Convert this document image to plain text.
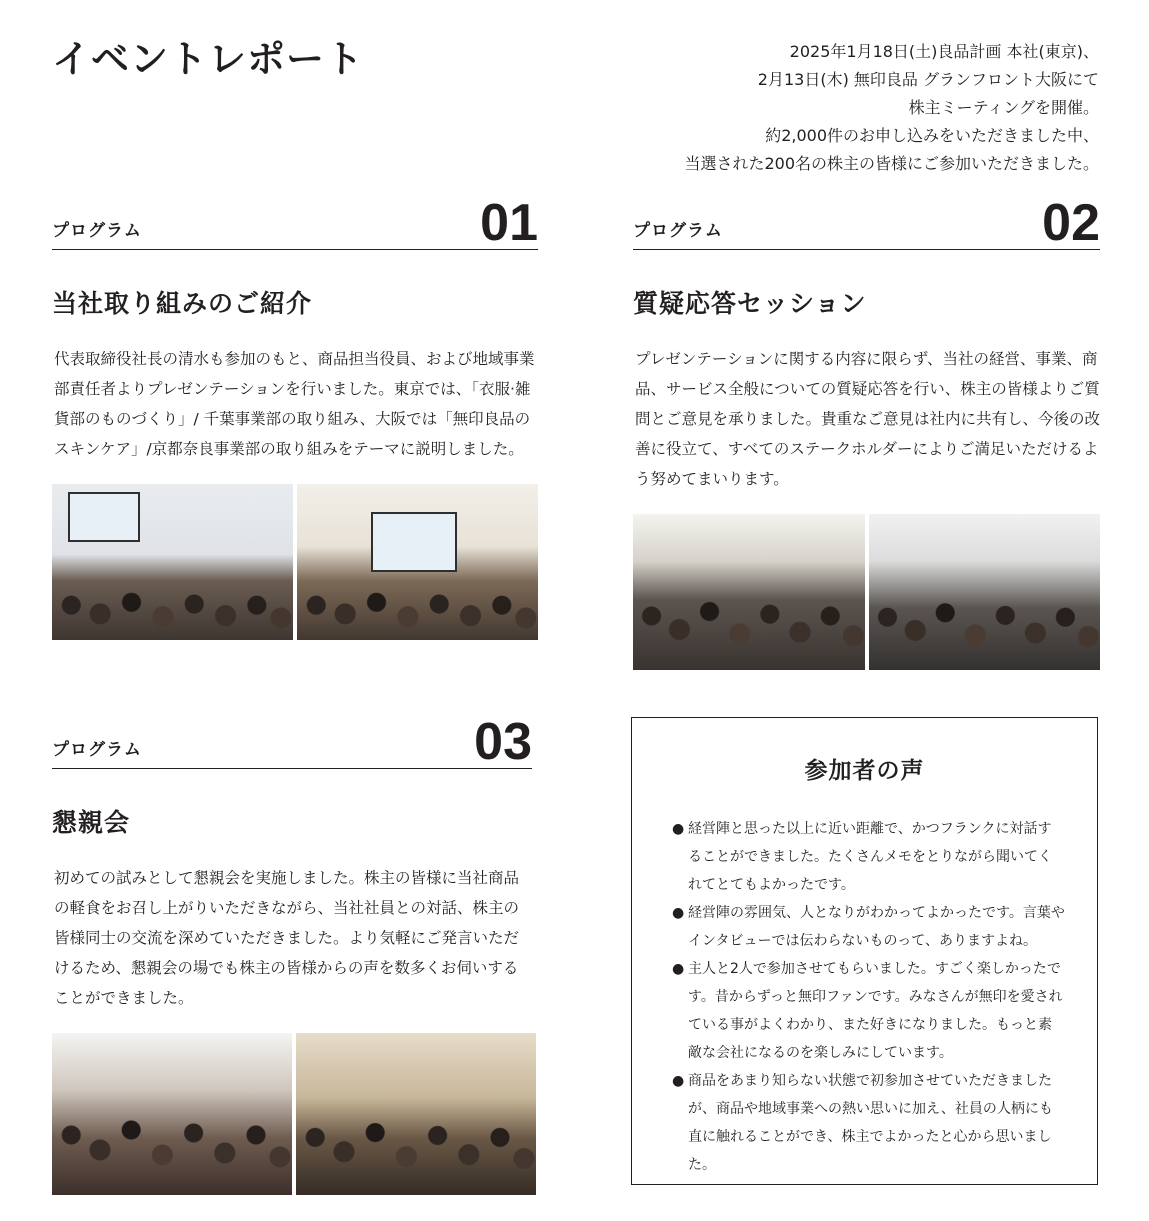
イベントレポート	2025年1月18日(土)良品計画 本社(東京)、
2月13日(木) 無印良品 グランフロント大阪にて
株主ミーティングを開催。
約2,000件のお申し込みをいただきました中、
当選された200名の株主の皆様にご参加いただきました。
プログラム	01
当社取り組みのご紹介

代表取締役社長の清水も参加のもと、商品担当役員、および地域事業部責任者よりプレゼンテーションを行いました。東京では、「衣服·雑貨部のものづくり」/ 千葉事業部の取り組み、大阪では「無印良品のスキンケア」/京都奈良事業部の取り組みをテーマに説明しました。

プログラム	02
質疑応答セッション

プレゼンテーションに関する内容に限らず、当社の経営、事業、商品、サービス全般についての質疑応答を行い、株主の皆様よりご質問とご意見を承りました。貴重なご意見は社内に共有し、今後の改善に役立て、すべてのステークホルダーによりご満足いただけるよう努めてまいります。

プログラム	03
懇親会

初めての試みとして懇親会を実施しました。株主の皆様に当社商品の軽食をお召し上がりいただきながら、当社社員との対話、株主の皆様同士の交流を深めていただきました。より気軽にご発言いただけるため、懇親会の場でも株主の皆様からの声を数多くお伺いすることができました。

参加者の声
● 経営陣と思った以上に近い距離で、かつフランクに対話することができました。たくさんメモをとりながら聞いてくれてとてもよかったです。
● 経営陣の雰囲気、人となりがわかってよかったです。言葉やインタビューでは伝わらないものって、ありますよね。
● 主人と2人で参加させてもらいました。すごく楽しかったです。昔からずっと無印ファンです。みなさんが無印を愛されている事がよくわかり、また好きになりました。もっと素敵な会社になるのを楽しみにしています。
● 商品をあまり知らない状態で初参加させていただきましたが、商品や地域事業への熱い思いに加え、社員の人柄にも直に触れることができ、株主でよかったと心から思いました。
